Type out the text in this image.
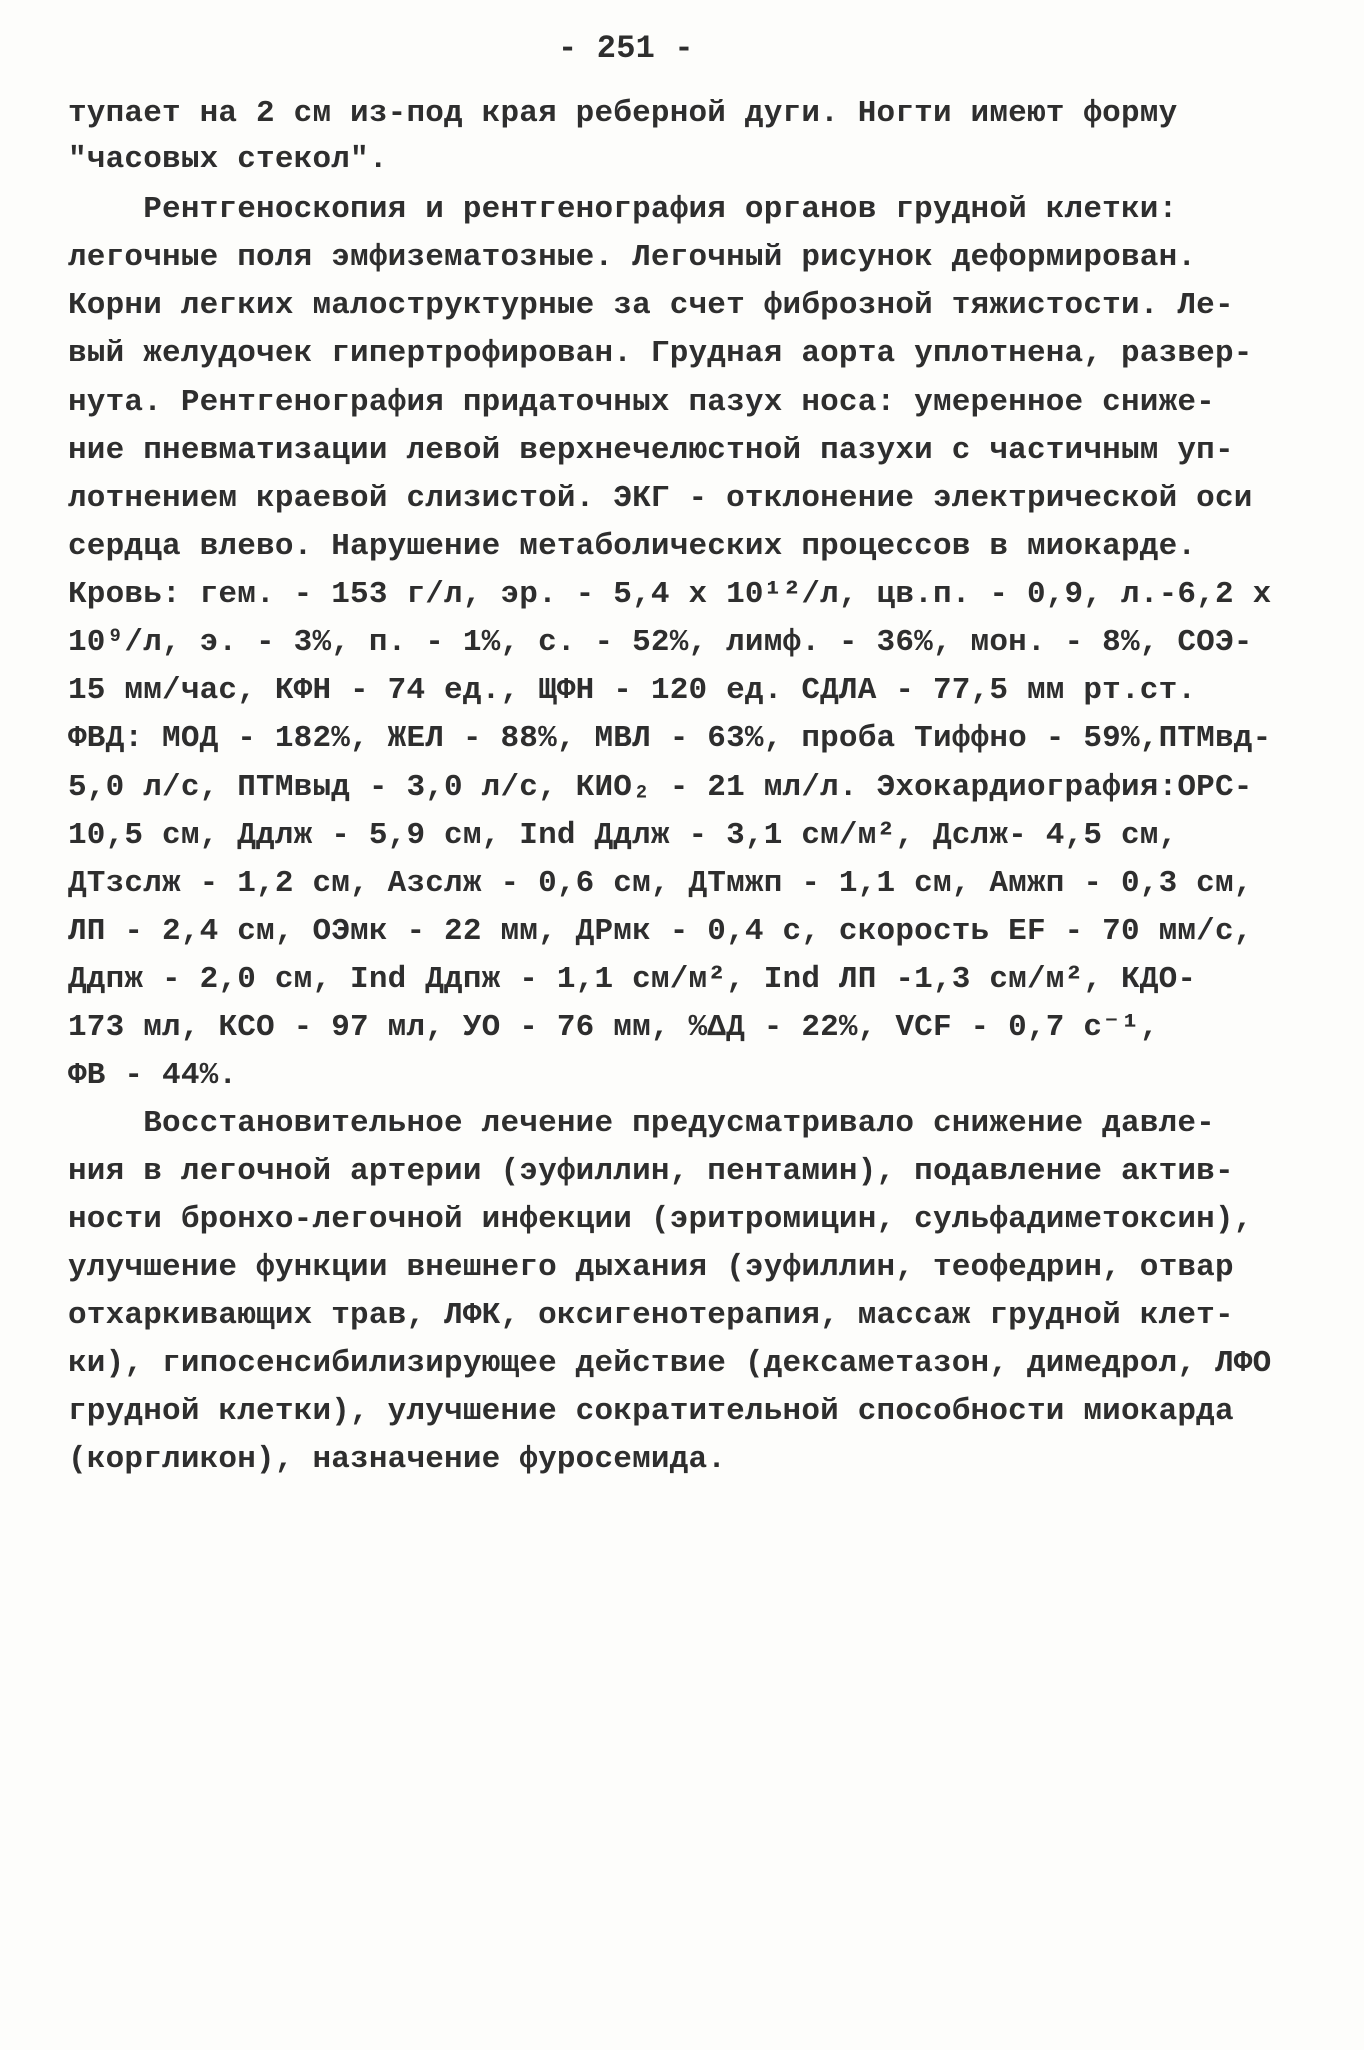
- 251 -
тупает на 2 см из-под края реберной дуги. Ногти имеют форму
"часовых стекол".
Рентгеноскопия и рентгенография органов грудной клетки:
легочные поля эмфизематозные. Легочный рисунок деформирован.
Корни легких малоструктурные за счет фиброзной тяжистости. Ле-
вый желудочек гипертрофирован. Грудная аорта уплотнена, развер-
нута. Рентгенография придаточных пазух носа: умеренное сниже-
ние пневматизации левой верхнечелюстной пазухи с частичным уп-
лотнением краевой слизистой. ЭКГ - отклонение электрической оси
сердца влево. Нарушение метаболических процессов в миокарде.
Кровь: гем. - 153 г/л, эр. - 5,4 x 10¹²/л, цв.п. - 0,9, л.-6,2 x
10⁹/л, э. - 3%, п. - 1%, с. - 52%, лимф. - 36%, мон. - 8%, СОЭ-
15 мм/час, КФН - 74 ед., ЩФН - 120 ед. СДЛА - 77,5 мм рт.ст.
ФВД: МОД - 182%, ЖЕЛ - 88%, МВЛ - 63%, проба Тиффно - 59%,ПТМвд-
5,0 л/с, ПТМвыд - 3,0 л/с, КИО₂ - 21 мл/л. Эхокардиография:ОРС-
10,5 см, Ддлж - 5,9 см, Ind Ддлж - 3,1 см/м², Дслж- 4,5 см,
ДТзслж - 1,2 см, Азслж - 0,6 см, ДТмжп - 1,1 см, Амжп - 0,3 см,
ЛП - 2,4 см, ОЭмк - 22 мм, ДРмк - 0,4 с, скорость EF - 70 мм/с,
Ддпж - 2,0 см, Ind Ддпж - 1,1 см/м², Ind ЛП -1,3 см/м², КДО-
173 мл, КСО - 97 мл, УО - 76 мм, %ΔД - 22%, VCF - 0,7 с⁻¹,
ФВ - 44%.
Восстановительное лечение предусматривало снижение давле-
ния в легочной артерии (эуфиллин, пентамин), подавление актив-
ности бронхо-легочной инфекции (эритромицин, сульфадиметоксин),
улучшение функции внешнего дыхания (эуфиллин, теофедрин, отвар
отхаркивающих трав, ЛФК, оксигенотерапия, массаж грудной клет-
ки), гипосенсибилизирующее действие (дексаметазон, димедрол, ЛФО
грудной клетки), улучшение сократительной способности миокарда
(коргликон), назначение фуросемида.
